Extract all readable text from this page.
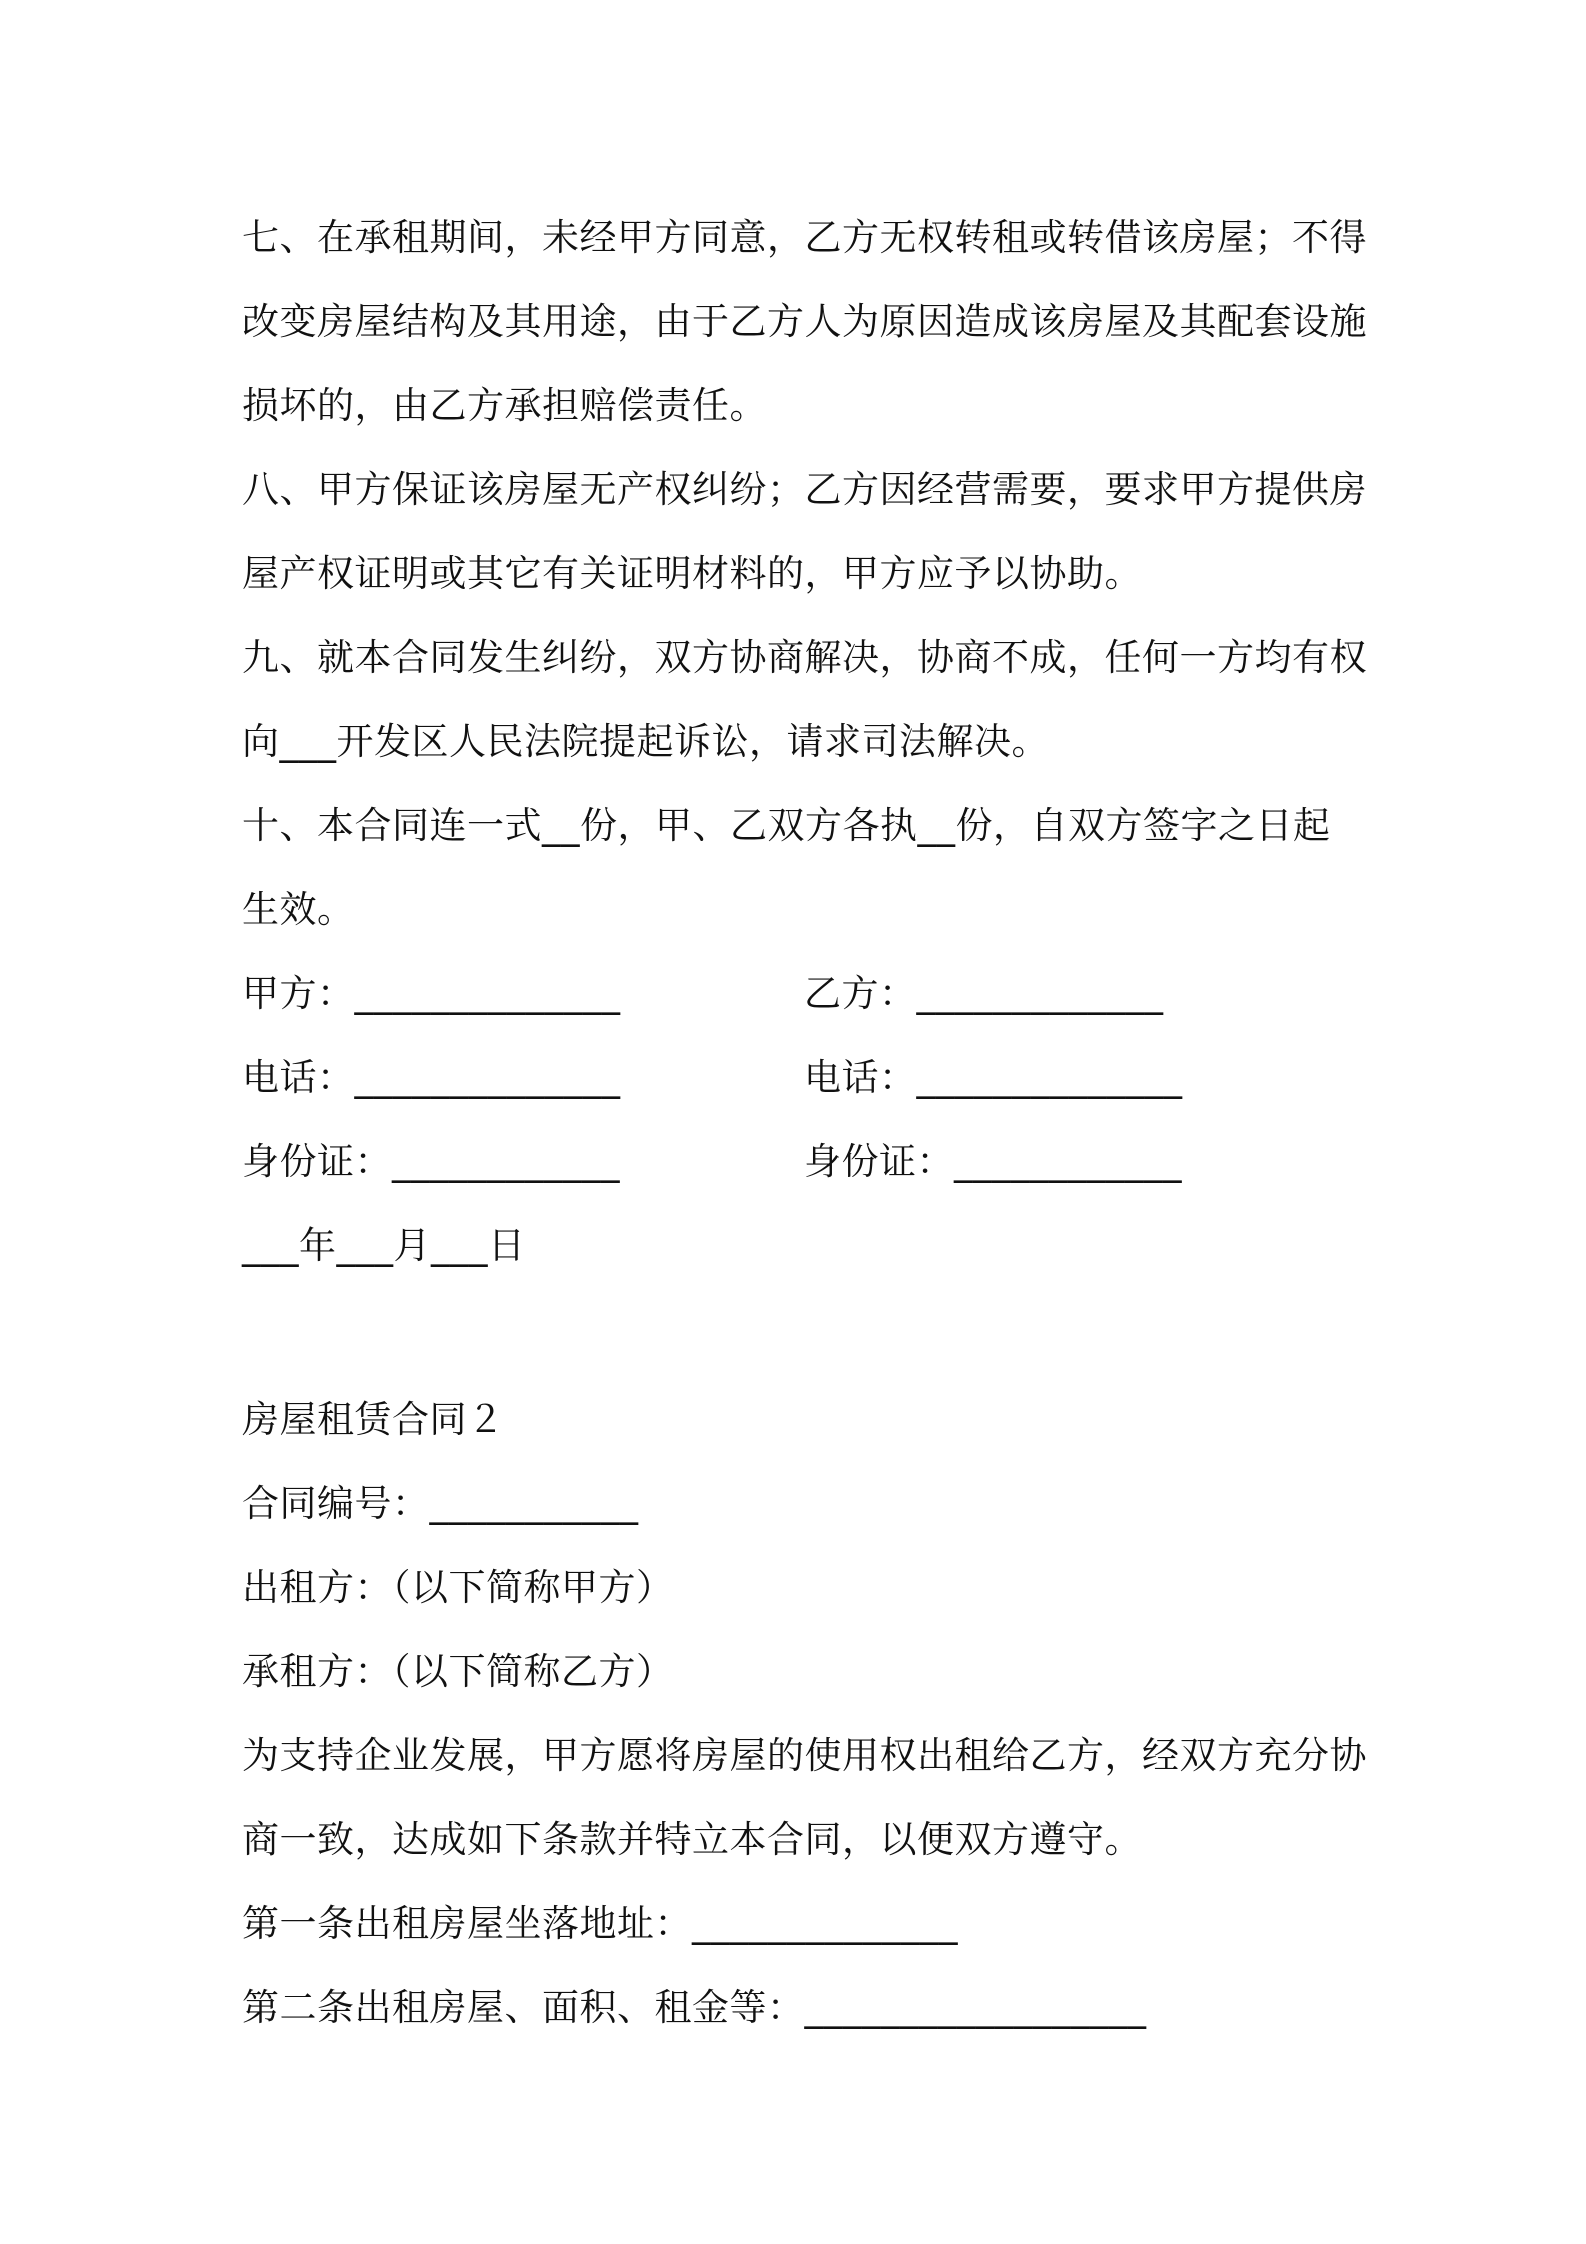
七、在承租期间，未经甲方同意，乙方无权转租或转借该房屋；不得
改变房屋结构及其用途，由于乙方人为原因造成该房屋及其配套设施
损坏的，由乙方承担赔偿责任。
八、甲方保证该房屋无产权纠纷；乙方因经营需要，要求甲方提供房
屋产权证明或其它有关证明材料的，甲方应予以协助。
九、就本合同发生纠纷，双方协商解决，协商不成，任何一方均有权
向___开发区人民法院提起诉讼，请求司法解决。
十、本合同连一式__份，甲、乙双方各执__份，自双方签字之日起
生效。
甲方：______________	乙方：_____________
电话：______________	电话：______________
身份证：____________	身份证：____________
___年___月___日
房屋租赁合同２
合同编号：___________
出租方：（以下简称甲方）
承租方：（以下简称乙方）
为支持企业发展，甲方愿将房屋的使用权出租给乙方，经双方充分协
商一致，达成如下条款并特立本合同，以便双方遵守。
第一条出租房屋坐落地址：______________
第二条出租房屋、面积、租金等：__________________
